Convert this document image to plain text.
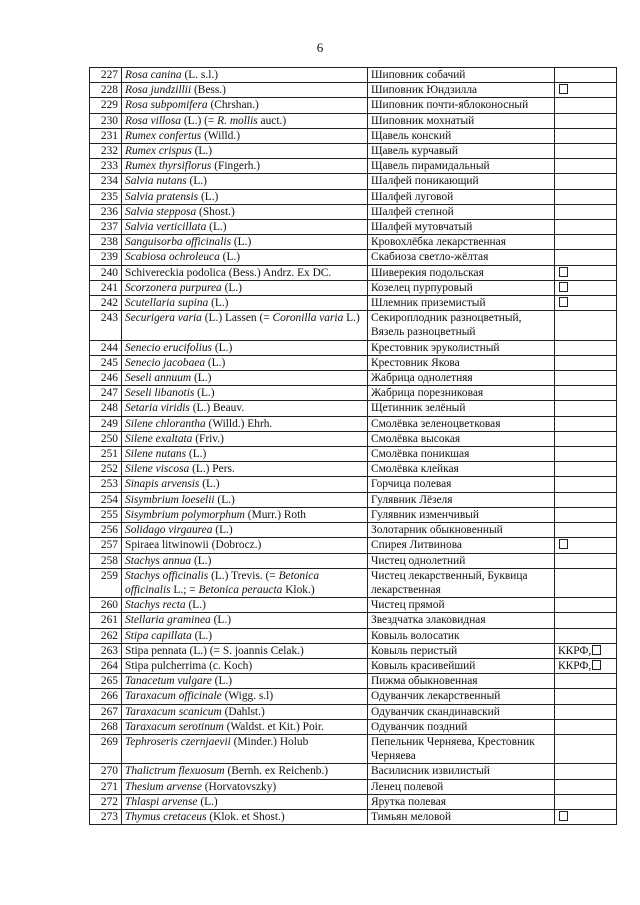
6
227	Rosa canina (L. s.l.)	Шиповник собачий	
228	Rosa jundzillii (Bess.)	Шиповник Юндзилла	
229	Rosa subpomifera (Chrshan.)	Шиповник почти-яблоконосный	
230	Rosa villosa (L.) (= R. mollis auct.)	Шиповник мохнатый	
231	Rumex confertus (Willd.)	Щавель конский	
232	Rumex crispus (L.)	Щавель курчавый	
233	Rumex thyrsiflorus (Fingerh.)	Щавель пирамидальный	
234	Salvia nutans (L.)	Шалфей поникающий	
235	Salvia pratensis (L.)	Шалфей луговой	
236	Salvia stepposa (Shost.)	Шалфей степной	
237	Salvia verticillata (L.)	Шалфей мутовчатый	
238	Sanguisorba officinalis (L.)	Кровохлёбка лекарственная	
239	Scabiosa ochroleuca (L.)	Скабиоза светло-жёлтая	
240	Schivereckia podolica (Bess.) Andrz. Ex DC.	Шиверекия подольская	
241	Scorzonera purpurea (L.)	Козелец пурпуровый	
242	Scutellaria supina (L.)	Шлемник приземистый	
243	Securigera varia (L.) Lassen (= Coronilla varia L.)	Секироплодник разноцветный, Вязель разноцветный	
244	Senecio erucifolius (L.)	Крестовник эруколистный	
245	Senecio jacobaea (L.)	Крестовник Якова	
246	Seseli annuum (L.)	Жабрица однолетняя	
247	Seseli libanotis (L.)	Жабрица порезниковая	
248	Setaria viridis (L.) Beauv.	Щетинник зелёный	
249	Silene chlorantha (Willd.) Ehrh.	Смолёвка зеленоцветковая	
250	Silene exaltata (Friv.)	Смолёвка высокая	
251	Silene nutans (L.)	Смолёвка поникшая	
252	Silene viscosa (L.) Pers.	Смолёвка клейкая	
253	Sinapis arvensis (L.)	Горчица полевая	
254	Sisymbrium loeselii (L.)	Гулявник Лёзеля	
255	Sisymbrium polymorphum (Murr.) Roth	Гулявник изменчивый	
256	Solidago virgaurea (L.)	Золотарник обыкновенный	
257	Spiraea litwinowii (Dobrocz.)	Спирея Литвинова	
258	Stachys annua (L.)	Чистец однолетний	
259	Stachys officinalis (L.) Trevis. (= Betonica officinalis L.; = Betonica peraucta Klok.)	Чистец лекарственный, Буквица лекарственная	
260	Stachys recta (L.)	Чистец прямой	
261	Stellaria graminea (L.)	Звездчатка злаковидная	
262	Stipa capillata (L.)	Ковыль волосатик	
263	Stipa pennata (L.) (= S. joannis Celak.)	Ковыль перистый	ККРФ,
264	Stipa pulcherrima (c. Koch)	Ковыль красивейший	ККРФ,
265	Tanacetum vulgare (L.)	Пижма обыкновенная	
266	Taraxacum officinale (Wigg. s.l)	Одуванчик лекарственный	
267	Taraxacum scanicum (Dahlst.)	Одуванчик скандинавский	
268	Taraxacum serotinum (Waldst. et Kit.) Poir.	Одуванчик поздний	
269	Tephroseris czernjaevii (Minder.) Holub	Пепельник Черняева, Крестовник Черняева	
270	Thalictrum flexuosum (Bernh. ex Reichenb.)	Василисник извилистый	
271	Thesium arvense (Horvatovszky)	Ленец полевой	
272	Thlaspi arvense (L.)	Ярутка полевая	
273	Thymus cretaceus (Klok. et Shost.)	Тимьян меловой	
